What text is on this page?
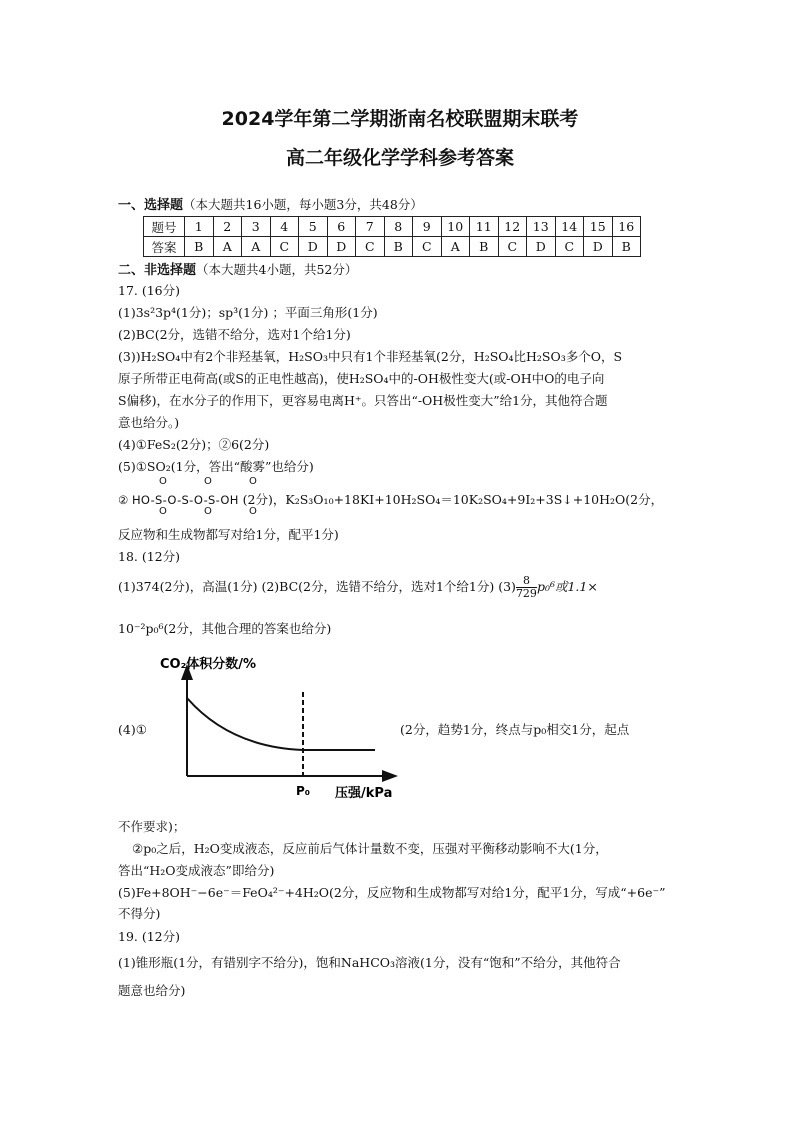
2024学年第二学期浙南名校联盟期末联考
高二年级化学学科参考答案
一、选择题（本大题共16小题，每小题3分，共48分）
题号	1	2	3	4	5	6	7	8	9	10	11	12	13	14	15	16
答案	B	A	A	C	D	D	C	B	C	A	B	C	D	C	D	B
二、非选择题（本大题共4小题，共52分）
17. (16分)
(1)3s²3p⁴(1分)；sp³(1分) ；平面三角形(1分)
(2)BC(2分，选错不给分，选对1个给1分)
(3))H₂SO₄中有2个非羟基氧，H₂SO₃中只有1个非羟基氧(2分，H₂SO₄比H₂SO₃多个O，S
原子所带正电荷高(或S的正电性越高)，使H₂SO₄中的-OH极性变大(或-OH中O的电子向
S偏移)，在水分子的作用下，更容易电离H⁺。只答出“-OH极性变大”给1分，其他符合题
意也给分。)
(4)①FeS₂(2分)；②6(2分)
(5)①SO₂(1分，答出“酸雾”也给分)
O	O	O
② HO-S-O-S-O-S-OH (2分)，K₂S₃O₁₀+18KI+10H₂SO₄＝10K₂SO₄+9I₂+3S↓+10H₂O(2分，
O	O	O
反应物和生成物都写对给1分，配平1分)
18. (12分)
(1)374(2分)，高温(1分) (2)BC(2分，选错不给分，选对1个给1分) $(3) \frac{8}{729} p_0^6$或1.1×
10⁻²p₀⁶(2分，其他合理的答案也给分)
(4)①
CO₂体积分数/%
P₀ 压强/kPa
(2分，趋势1分，终点与p₀相交1分，起点
不作要求)；
②p₀之后，H₂O变成液态，反应前后气体计量数不变，压强对平衡移动影响不大(1分，
答出“H₂O变成液态”即给分)
(5)Fe+8OH⁻−6e⁻＝FeO₄²⁻+4H₂O(2分，反应物和生成物都写对给1分，配平1分，写成“+6e⁻”
不得分)
19. (12分)
(1)锥形瓶(1分，有错别字不给分)，饱和NaHCO₃溶液(1分，没有“饱和”不给分，其他符合
题意也给分)
